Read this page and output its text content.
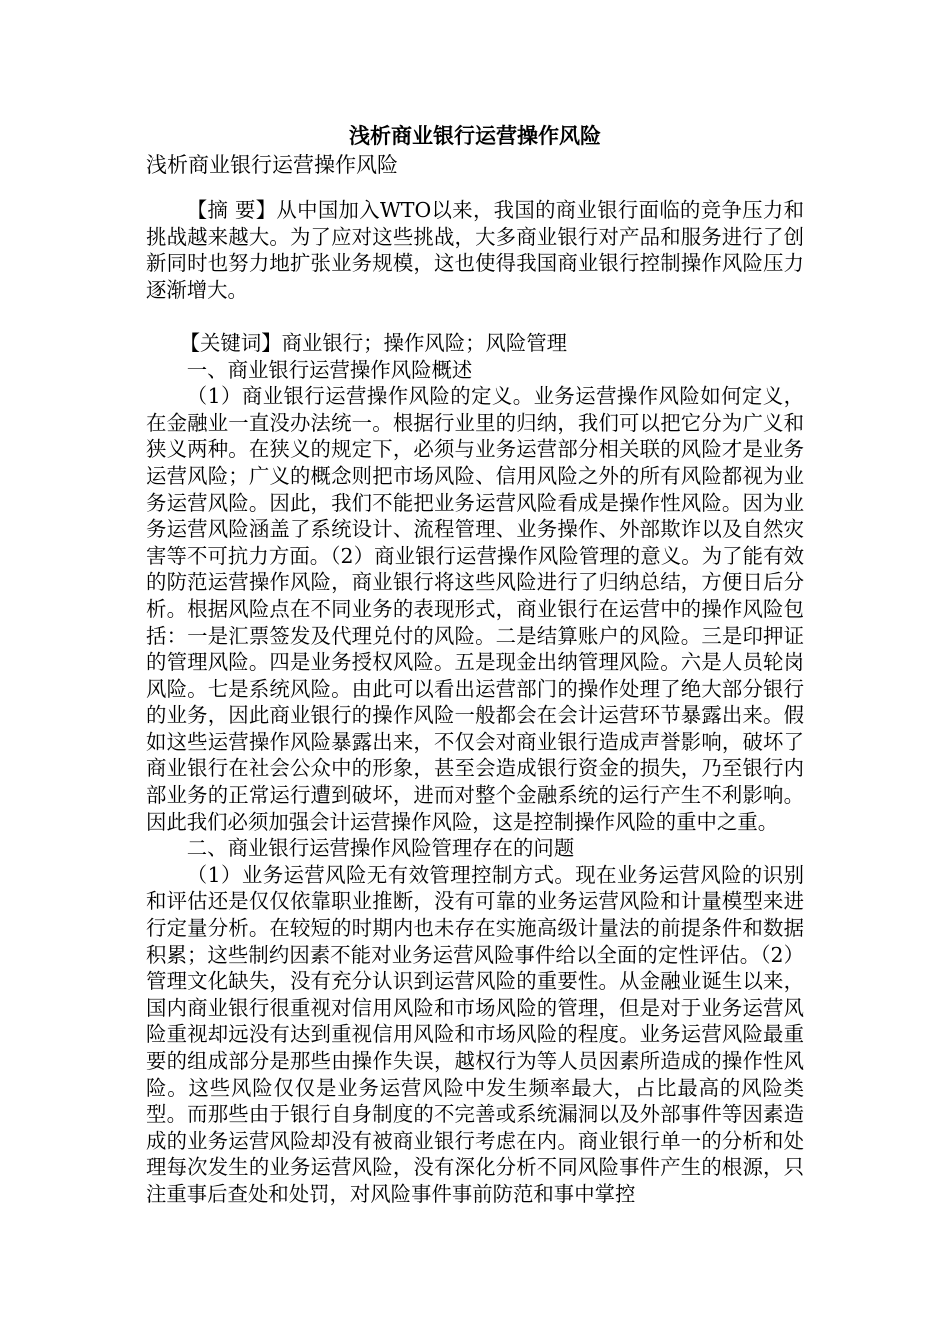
浅析商业银行运营操作风险

浅析商业银行运营操作风险

【摘 要】从中国加入WTO以来，我国的商业银行面临的竞争压力和挑战越来越大。为了应对这些挑战，大多商业银行对产品和服务进行了创新同时也努力地扩张业务规模，这也使得我国商业银行控制操作风险压力逐渐增大。

【关键词】商业银行；操作风险；风险管理

一、商业银行运营操作风险概述

（1）商业银行运营操作风险的定义。业务运营操作风险如何定义，在金融业一直没办法统一。根据行业里的归纳，我们可以把它分为广义和狭义两种。在狭义的规定下，必须与业务运营部分相关联的风险才是业务运营风险；广义的概念则把市场风险、信用风险之外的所有风险都视为业务运营风险。因此，我们不能把业务运营风险看成是操作性风险。因为业务运营风险涵盖了系统设计、流程管理、业务操作、外部欺诈以及自然灾害等不可抗力方面。（2）商业银行运营操作风险管理的意义。为了能有效的防范运营操作风险，商业银行将这些风险进行了归纳总结，方便日后分析。根据风险点在不同业务的表现形式，商业银行在运营中的操作风险包括：一是汇票签发及代理兑付的风险。二是结算账户的风险。三是印押证的管理风险。四是业务授权风险。五是现金出纳管理风险。六是人员轮岗风险。七是系统风险。由此可以看出运营部门的操作处理了绝大部分银行的业务，因此商业银行的操作风险一般都会在会计运营环节暴露出来。假如这些运营操作风险暴露出来，不仅会对商业银行造成声誉影响，破坏了商业银行在社会公众中的形象，甚至会造成银行资金的损失，乃至银行内部业务的正常运行遭到破坏，进而对整个金融系统的运行产生不利影响。因此我们必须加强会计运营操作风险，这是控制操作风险的重中之重。

二、商业银行运营操作风险管理存在的问题

（1）业务运营风险无有效管理控制方式。现在业务运营风险的识别和评估还是仅仅依靠职业推断，没有可靠的业务运营风险和计量模型来进行定量分析。在较短的时期内也未存在实施高级计量法的前提条件和数据积累；这些制约因素不能对业务运营风险事件给以全面的定性评估。（2）管理文化缺失，没有充分认识到运营风险的重要性。从金融业诞生以来，国内商业银行很重视对信用风险和市场风险的管理，但是对于业务运营风险重视却远没有达到重视信用风险和市场风险的程度。业务运营风险最重要的组成部分是那些由操作失误，越权行为等人员因素所造成的操作性风险。这些风险仅仅是业务运营风险中发生频率最大，占比最高的风险类型。而那些由于银行自身制度的不完善或系统漏洞以及外部事件等因素造成的业务运营风险却没有被商业银行考虑在内。商业银行单一的分析和处理每次发生的业务运营风险，没有深化分析不同风险事件产生的根源，只注重事后查处和处罚，对风险事件事前防范和事中掌控
